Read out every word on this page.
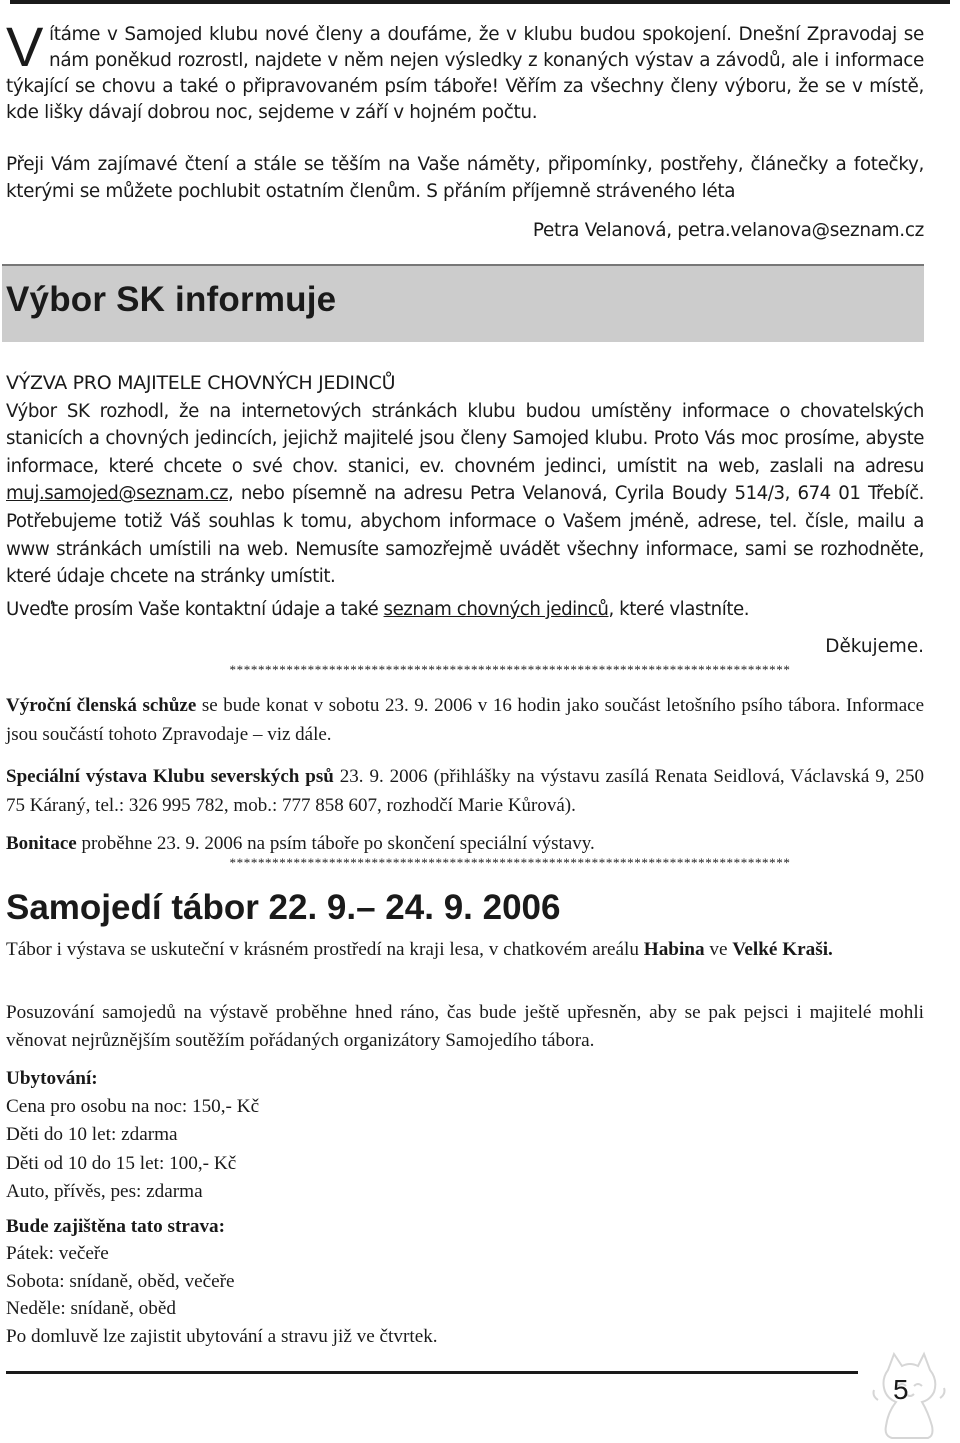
Vítáme v Samojed klubu nové členy a doufáme, že v klubu budou spokojení. Dnešní Zpravodaj se nám poněkud rozrostl, najdete v něm nejen výsledky z konaných výstav a závodů, ale i informace týkající se chovu a také o připravovaném psím táboře! Věřím za všechny členy výboru, že se v místě, kde lišky dávají dobrou noc, sejdeme v září v hojném počtu.
Přeji Vám zajímavé čtení a stále se těším na Vaše náměty, připomínky, postřehy, článečky a fotečky, kterými se můžete pochlubit ostatním členům. S přáním příjemně stráveného léta
Petra Velanová, petra.velanova@seznam.cz
Výbor SK informuje
VÝZVA PRO MAJITELE CHOVNÝCH JEDINCŮ
Výbor SK rozhodl, že na internetových stránkách klubu budou umístěny informace o chovatelských stanicích a chovných jedincích, jejichž majitelé jsou členy Samojed klubu. Proto Vás moc prosíme, abyste informace, které chcete o své chov. stanici, ev. chovném jedinci, umístit na web, zaslali na adresu muj.samojed@seznam.cz, nebo písemně na adresu Petra Velanová, Cyrila Boudy 514/3, 674 01 Třebíč. Potřebujeme totiž Váš souhlas k tomu, abychom informace o Vašem jméně, adrese, tel. čísle, mailu a www stránkách umístili na web. Nemusíte samozřejmě uvádět všechny informace, sami se rozhodněte, které údaje chcete na stránky umístit.
Uveďte prosím Vaše kontaktní údaje a také seznam chovných jedinců, které vlastníte.
Děkujeme.
*******************************************************************************
Výroční členská schůze se bude konat v sobotu 23. 9. 2006 v 16 hodin jako součást letošního psího tábora. Informace jsou součástí tohoto Zpravodaje – viz dále.
Speciální výstava Klubu severských psů 23. 9. 2006 (přihlášky na výstavu zasílá Renata Seidlová, Václavská 9, 250 75 Káraný, tel.: 326 995 782, mob.: 777 858 607, rozhodčí Marie Kůrová).
Bonitace proběhne 23. 9. 2006 na psím táboře po skončení speciální výstavy.
*******************************************************************************
Samojedí tábor 22. 9.– 24. 9. 2006
Tábor i výstava se uskuteční v krásném prostředí na kraji lesa, v chatkovém areálu Habina ve Velké Kraši.
Posuzování samojedů na výstavě proběhne hned ráno, čas bude ještě upřesněn, aby se pak pejsci i majitelé mohli věnovat nejrůznějším soutěžím pořádaných organizátory Samojedího tábora.
Ubytování:
Cena pro osobu na noc: 150,- Kč
Děti do 10 let: zdarma
Děti od 10 do 15 let: 100,- Kč
Auto, přívěs, pes: zdarma
Bude zajištěna tato strava:
Pátek: večeře
Sobota: snídaně, oběd, večeře
Neděle: snídaně, oběd
Po domluvě lze zajistit ubytování a stravu již ve čtvrtek.
5
